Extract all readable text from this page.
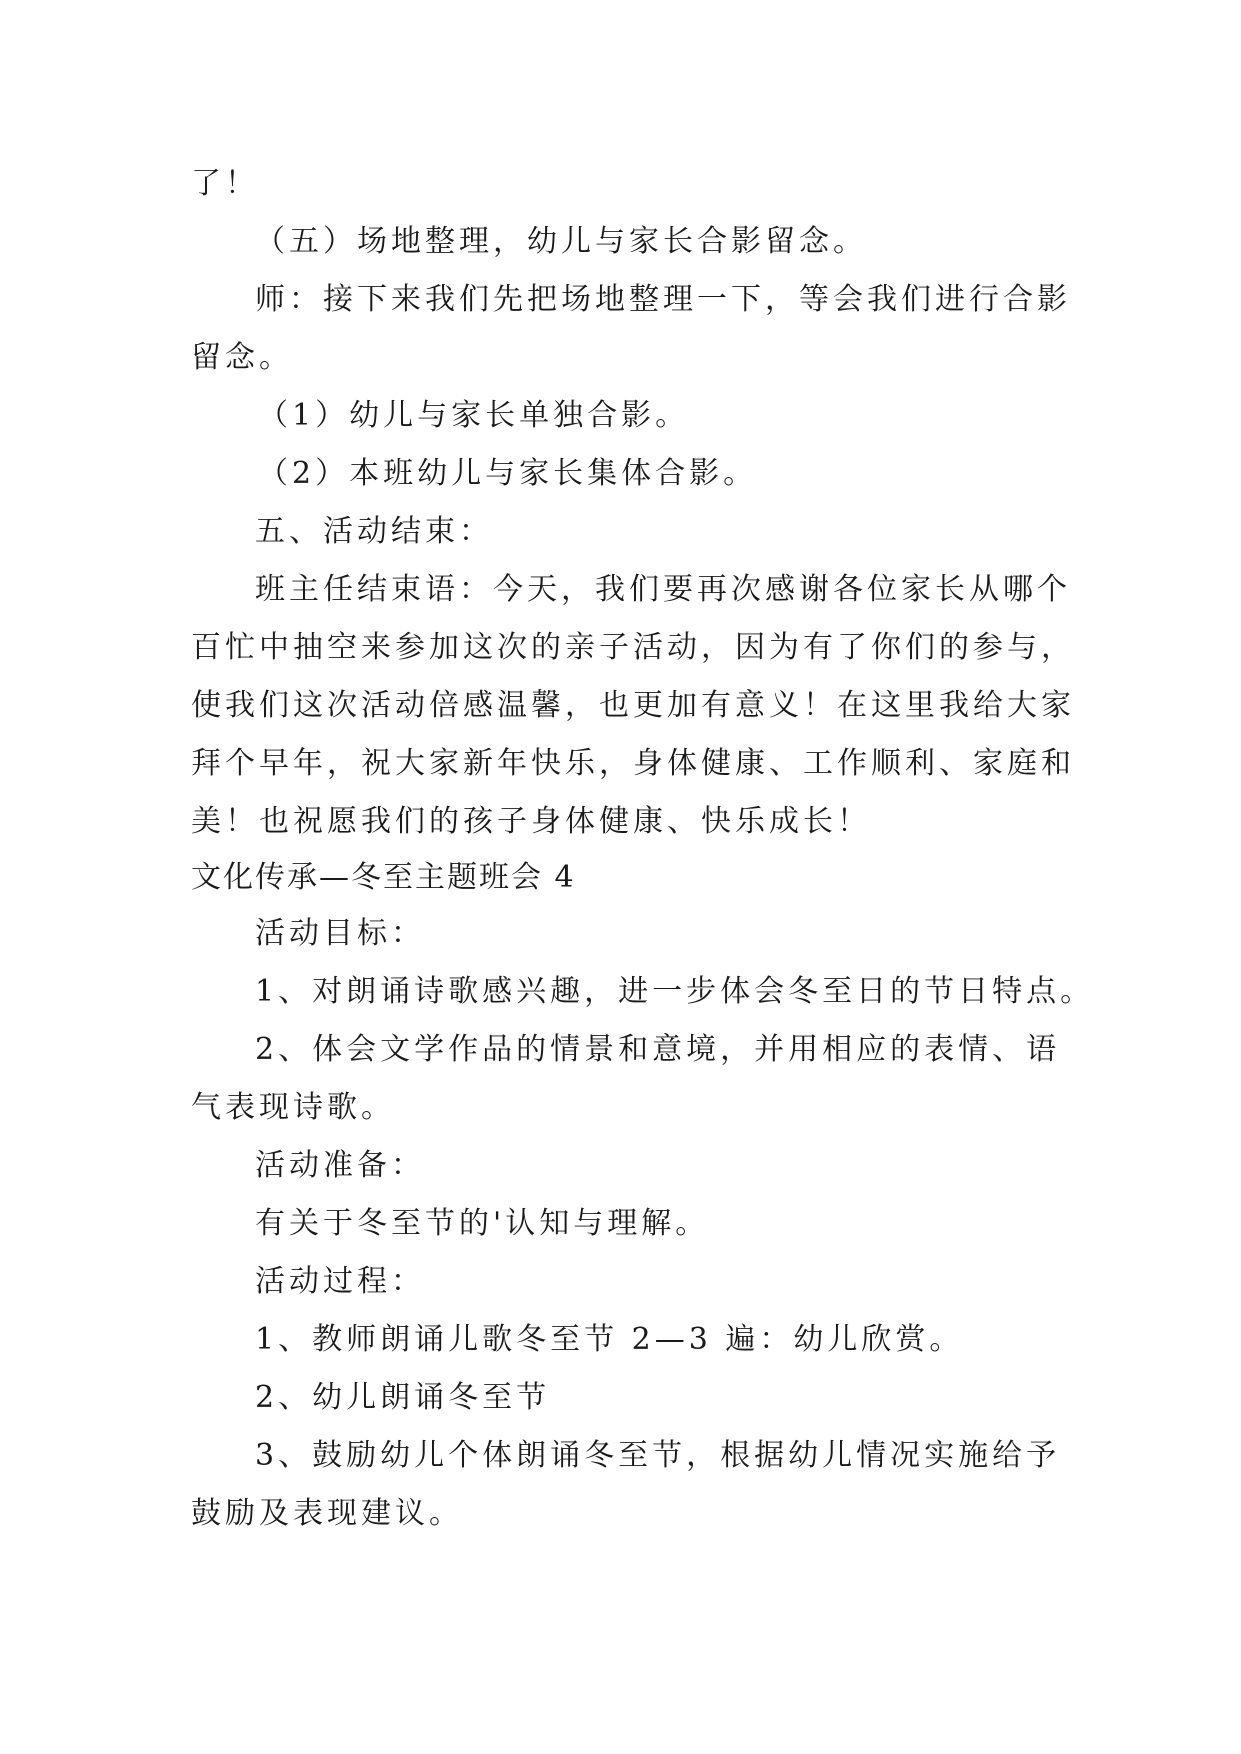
了！
（五）场地整理，幼儿与家长合影留念。
师：接下来我们先把场地整理一下，等会我们进行合影
留念。
（1）幼儿与家长单独合影。
（2）本班幼儿与家长集体合影。
五、活动结束：
班主任结束语：今天，我们要再次感谢各位家长从哪个
百忙中抽空来参加这次的亲子活动，因为有了你们的参与，
使我们这次活动倍感温馨，也更加有意义！在这里我给大家
拜个早年，祝大家新年快乐，身体健康、工作顺利、家庭和
美！也祝愿我们的孩子身体健康、快乐成长！
文化传承—冬至主题班会 4
活动目标：
1、对朗诵诗歌感兴趣，进一步体会冬至日的节日特点。
2、体会文学作品的情景和意境，并用相应的表情、语
气表现诗歌。
活动准备：
有关于冬至节的'认知与理解。
活动过程：
1、教师朗诵儿歌冬至节 2—3 遍：幼儿欣赏。
2、幼儿朗诵冬至节
3、鼓励幼儿个体朗诵冬至节，根据幼儿情况实施给予
鼓励及表现建议。
